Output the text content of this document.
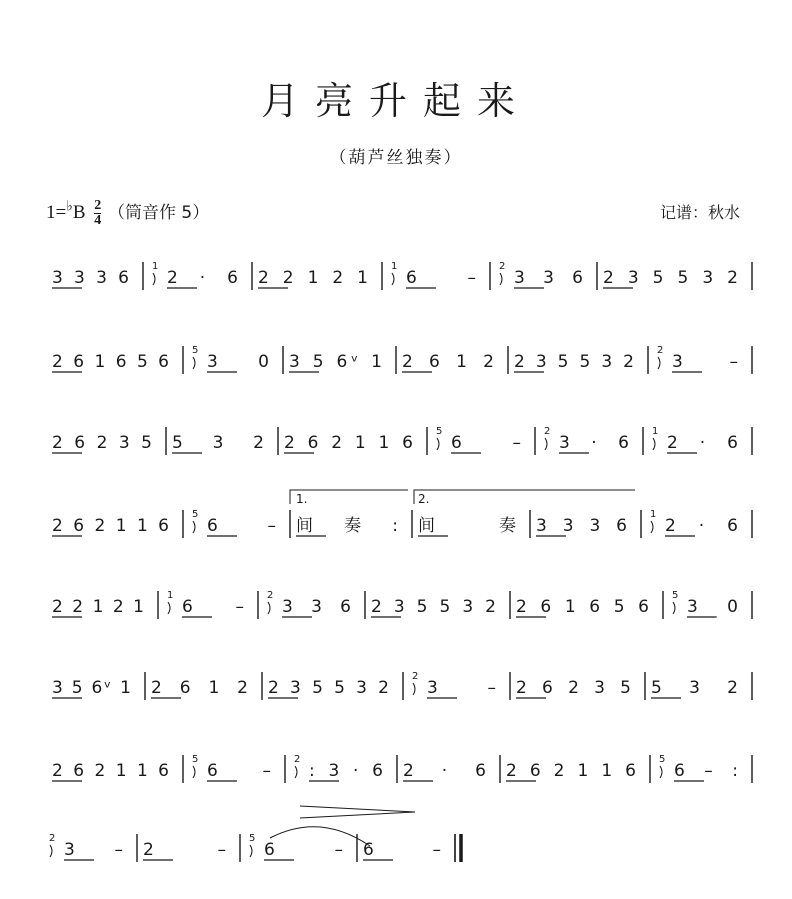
月亮升起来
（葫芦丝独奏）
$1=^♭B \frac{2}{4}$ （筒音作 5）	记谱：秋水
3 3 3 6 2 · 6
1
2 2 1 2 1 6 –
1
3 3 6
2
2 3 5 5 3 2
2 6 1 6 5 6 3 0
5
3 5 6ᵛ 1 2 6 1 2 2 3 5 5 3 2 3 –
2
2 6 2 3 5 5 3 2 2 6 2 1 1 6 6 –
5
3 · 6
2
2 · 6
1
2 6 2 1 1 6 6 –
5
间 奏 : 间 奏 3 3 3 6 2 · 6
1
2 2 1 2 1 6 –
1
3 3 6
2
2 3 5 5 3 2 2 6 1 6 5 6 3 0
5
3 5 6ᵛ 1 2 6 1 2 2 3 5 5 3 2 3 –
2
2 6 2 3 5 5 3 2
2 6 2 1 1 6 6 –
5
: 3 · 6
2
2 · 6 2 6 2 1 1 6 6 – :
5
3 –
2
2 – 6 –
5
6 –
1.	2.
